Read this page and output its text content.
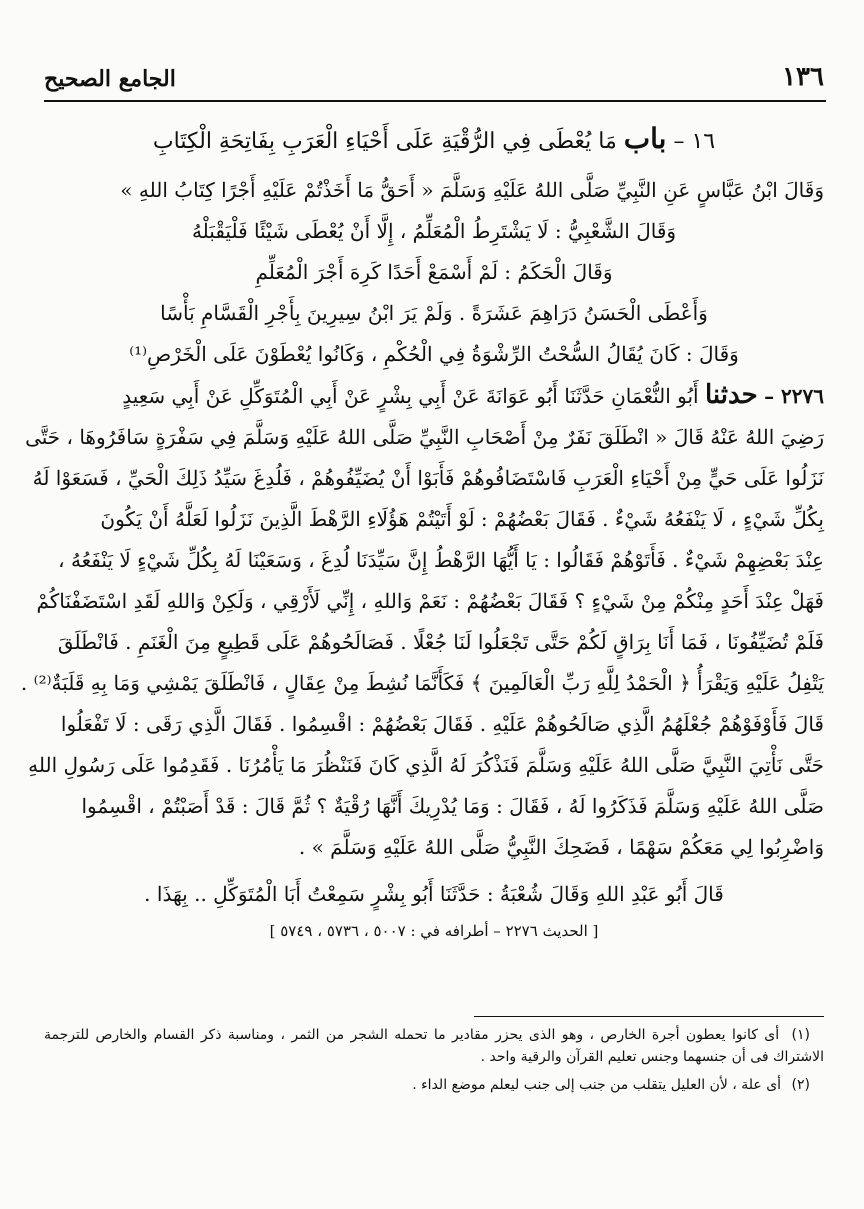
١٣٦
الجامع الصحيح
١٦ – باب مَا يُعْطَى فِي الرُّقْيَةِ عَلَى أَحْيَاءِ الْعَرَبِ بِفَاتِحَةِ الْكِتَابِ
وَقَالَ ابْنُ عَبَّاسٍ عَنِ النَّبِيِّ صَلَّى اللهُ عَلَيْهِ وَسَلَّمَ « أَحَقُّ مَا أَخَذْتُمْ عَلَيْهِ أَجْرًا كِتَابُ اللهِ »
وَقَالَ الشَّعْبِيُّ : لَا يَشْتَرِطُ الْمُعَلِّمُ ، إِلَّا أَنْ يُعْطَى شَيْئًا فَلْيَقْبَلْهُ
وَقَالَ الْحَكَمُ : لَمْ أَسْمَعْ أَحَدًا كَرِهَ أَجْرَ الْمُعَلِّمِ
وَأَعْطَى الْحَسَنُ دَرَاهِمَ عَشَرَةً . وَلَمْ يَرَ ابْنُ سِيرِينَ بِأَجْرِ الْقَسَّامِ بَأْسًا
وَقَالَ : كَانَ يُقَالُ السُّحْتُ الرِّشْوَةُ فِي الْحُكْمِ ، وَكَانُوا يُعْطَوْنَ عَلَى الْخَرْصِ⁽¹⁾
٢٢٧٦ – حدثنا أَبُو النُّعْمَانِ حَدَّثَنَا أَبُو عَوَانَةَ عَنْ أَبِي بِشْرٍ عَنْ أَبِي الْمُتَوَكِّلِ عَنْ أَبِي سَعِيدٍ
رَضِيَ اللهُ عَنْهُ قَالَ « انْطَلَقَ نَفَرٌ مِنْ أَصْحَابِ النَّبِيِّ صَلَّى اللهُ عَلَيْهِ وَسَلَّمَ فِي سَفْرَةٍ سَافَرُوهَا ، حَتَّى
نَزَلُوا عَلَى حَيٍّ مِنْ أَحْيَاءِ الْعَرَبِ فَاسْتَضَافُوهُمْ فَأَبَوْا أَنْ يُضَيِّفُوهُمْ ، فَلُدِغَ سَيِّدُ ذَلِكَ الْحَيِّ ، فَسَعَوْا لَهُ
بِكُلِّ شَيْءٍ ، لَا يَنْفَعُهُ شَيْءٌ . فَقَالَ بَعْضُهُمْ : لَوْ أَتَيْتُمْ هَؤُلَاءِ الرَّهْطَ الَّذِينَ نَزَلُوا لَعَلَّهُ أَنْ يَكُونَ
عِنْدَ بَعْضِهِمْ شَيْءٌ . فَأَتَوْهُمْ فَقَالُوا : يَا أَيُّهَا الرَّهْطُ إِنَّ سَيِّدَنَا لُدِغَ ، وَسَعَيْنَا لَهُ بِكُلِّ شَيْءٍ لَا يَنْفَعُهُ ،
فَهَلْ عِنْدَ أَحَدٍ مِنْكُمْ مِنْ شَيْءٍ ؟ فَقَالَ بَعْضُهُمْ : نَعَمْ وَاللهِ ، إِنِّي لَأَرْقِي ، وَلَكِنْ وَاللهِ لَقَدِ اسْتَضَفْنَاكُمْ
فَلَمْ تُضَيِّفُونَا ، فَمَا أَنَا بِرَاقٍ لَكُمْ حَتَّى تَجْعَلُوا لَنَا جُعْلًا . فَصَالَحُوهُمْ عَلَى قَطِيعٍ مِنَ الْغَنَمِ . فَانْطَلَقَ
يَتْفِلُ عَلَيْهِ وَيَقْرَأُ ﴿ الْحَمْدُ لِلَّهِ رَبِّ الْعَالَمِينَ ﴾ فَكَأَنَّمَا نُشِطَ مِنْ عِقَالٍ ، فَانْطَلَقَ يَمْشِي وَمَا بِهِ قَلَبَةٌ⁽²⁾ .
قَالَ فَأَوْفَوْهُمْ جُعْلَهُمُ الَّذِي صَالَحُوهُمْ عَلَيْهِ . فَقَالَ بَعْضُهُمْ : اقْسِمُوا . فَقَالَ الَّذِي رَقَى : لَا تَفْعَلُوا
حَتَّى نَأْتِيَ النَّبِيَّ صَلَّى اللهُ عَلَيْهِ وَسَلَّمَ فَنَذْكُرَ لَهُ الَّذِي كَانَ فَنَنْظُرَ مَا يَأْمُرُنَا . فَقَدِمُوا عَلَى رَسُولِ اللهِ
صَلَّى اللهُ عَلَيْهِ وَسَلَّمَ فَذَكَرُوا لَهُ ، فَقَالَ : وَمَا يُدْرِيكَ أَنَّهَا رُقْيَةٌ ؟ ثُمَّ قَالَ : قَدْ أَصَبْتُمْ ، اقْسِمُوا
وَاضْرِبُوا لِي مَعَكُمْ سَهْمًا ، فَضَحِكَ النَّبِيُّ صَلَّى اللهُ عَلَيْهِ وَسَلَّمَ » .
قَالَ أَبُو عَبْدِ اللهِ وَقَالَ شُعْبَةُ : حَدَّثَنَا أَبُو بِشْرٍ سَمِعْتُ أَبَا الْمُتَوَكِّلِ .. بِهَذَا .
[ الحديث ٢٢٧٦ – أطرافه في : ٥٠٠٧ ، ٥٧٣٦ ، ٥٧٤٩ ]
(١) أى كانوا يعطون أجرة الخارص ، وهو الذى يحزر مقادير ما تحمله الشجر من الثمر ، ومناسبة ذكر القسام والخارص للترجمة الاشتراك فى أن جنسهما وجنس تعليم القرآن والرقية واحد .
(٢) أى علة ، لأن العليل يتقلب من جنب إلى جنب ليعلم موضع الداء .
